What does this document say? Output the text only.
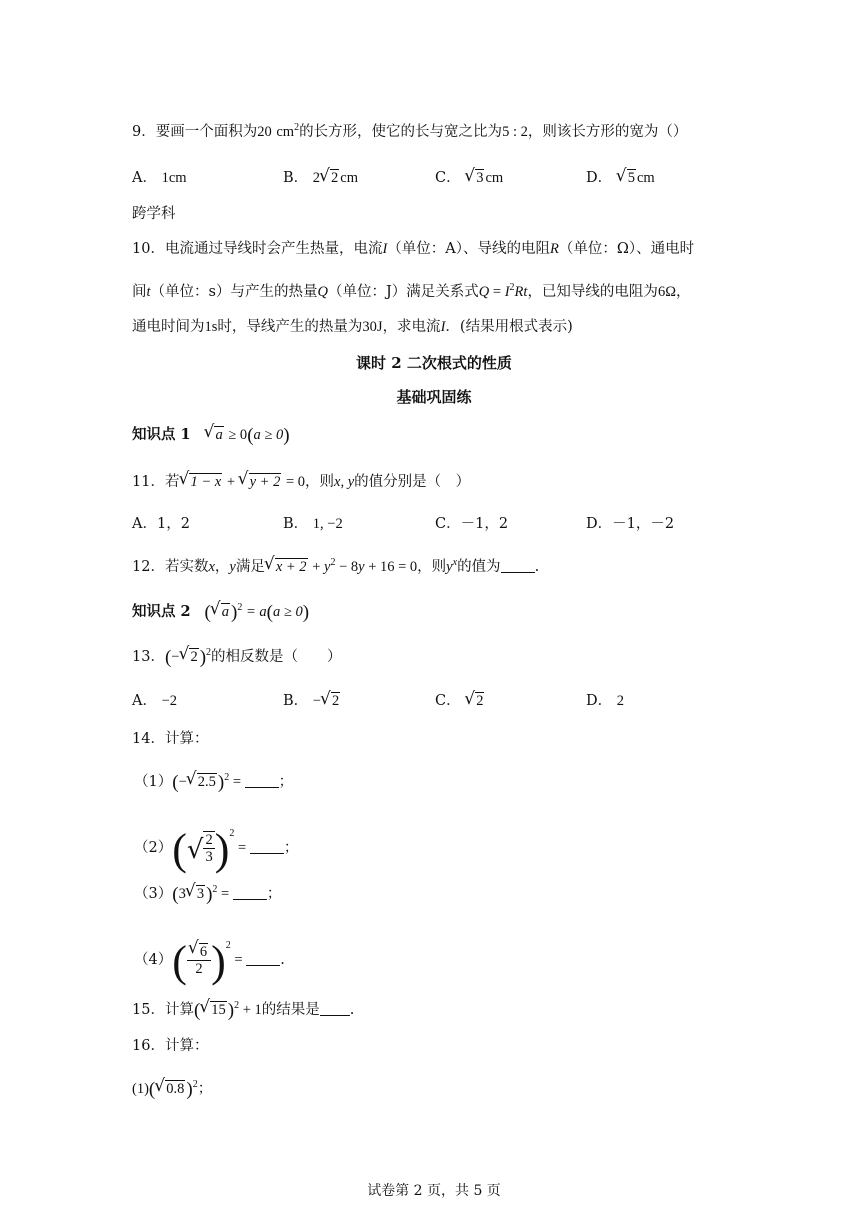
9．要画一个面积为20 $cm^2$的长方形，使它的长与宽之比为5 : 2，则该长方形的宽为（）
A． 1cm	B． 2 √ 2 cm	C． √ 3 cm	D． √ 5 cm
跨学科
10．电流通过导线时会产生热量，电流I（单位：A）、导线的电阻R（单位：Ω）、通电时
间t（单位：s）与产生的热量Q（单位：J）满足关系式$Q = I^2Rt$，已知导线的电阻为6Ω，
通电时间为1s时，导线产生的热量为30J，求电流I．(结果用根式表示)
课时 2 二次根式的性质
基础巩固练
知识点 1 √ a ≥ 0(a ≥ 0)
11．若 √ 1 − x + √ y + 2 = 0，则x, y的值分别是（　）
A．1，2	B． 1, −2	C．－1，2	D．－1，－2
12．若实数x，y满足 √ $x + 2 + y^2 - 8y + 16 = 0$，则$y^x$的值为 .
知识点 2 ( √ a )$^2$ = a(a ≥ 0)
13．(− √ 2 )$^2$的相反数是（　　）
A． −2	B． − √ 2	C． √ 2	D． 2
14．计算：
（1）(− √ 2.5 )$^2$ = ；
$(2)(√ \frac{2}{3} )^2$ = ；
（3）(3 √ 3 )$^2$ = ；
（4）( √ $\frac{6}{2} )^2$ = .
15．计算( √ 15 )$^2$ + 1的结果是 .
16．计算：
(1)( √ 0.8 )$^2$；
试卷第 2 页，共 5 页
